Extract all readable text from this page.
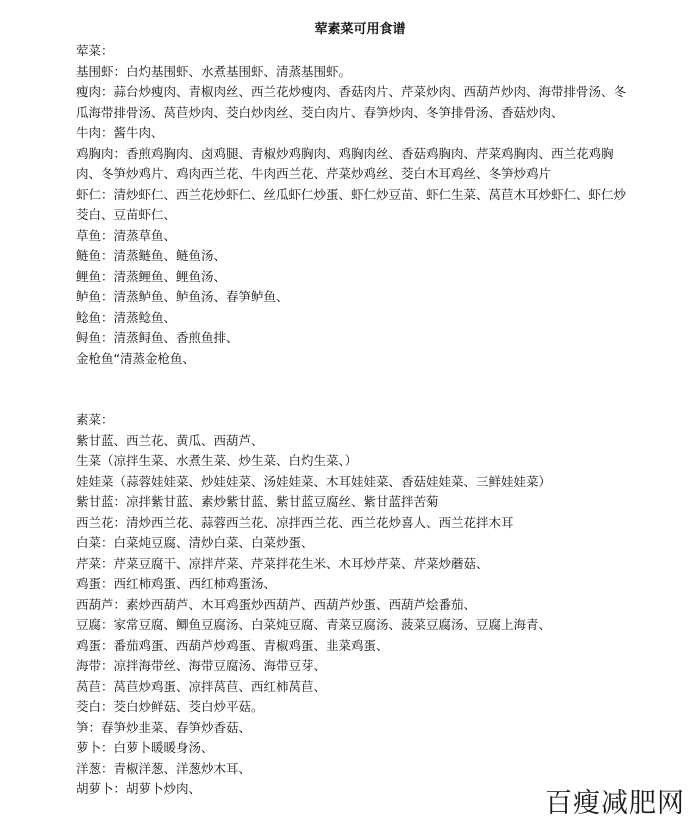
荤素菜可用食谱

荤菜：

基围虾：白灼基围虾、水煮基围虾、清蒸基围虾。

瘦肉：蒜台炒瘦肉、青椒肉丝、西兰花炒瘦肉、香菇肉片、芹菜炒肉、西葫芦炒肉、海带排骨汤、冬瓜海带排骨汤、莴苣炒肉、茭白炒肉丝、茭白肉片、春笋炒肉、冬笋排骨汤、香菇炒肉、

牛肉：酱牛肉、

鸡胸肉：香煎鸡胸肉、卤鸡腿、青椒炒鸡胸肉、鸡胸肉丝、香菇鸡胸肉、芹菜鸡胸肉、西兰花鸡胸肉、冬笋炒鸡片、鸡肉西兰花、牛肉西兰花、芹菜炒鸡丝、茭白木耳鸡丝、冬笋炒鸡片

虾仁：清炒虾仁、西兰花炒虾仁、丝瓜虾仁炒蛋、虾仁炒豆苗、虾仁生菜、莴苣木耳炒虾仁、虾仁炒茭白、豆苗虾仁、

草鱼：清蒸草鱼、

鲢鱼：清蒸鲢鱼、鲢鱼汤、

鲤鱼：清蒸鲤鱼、鲤鱼汤、

鲈鱼：清蒸鲈鱼、鲈鱼汤、春笋鲈鱼、

鲶鱼：清蒸鲶鱼、

鲟鱼：清蒸鲟鱼、香煎鱼排、

金枪鱼“清蒸金枪鱼、

素菜：

紫甘蓝、西兰花、黄瓜、西葫芦、

生菜（凉拌生菜、水煮生菜、炒生菜、白灼生菜、）

娃娃菜（蒜蓉娃娃菜、炒娃娃菜、汤娃娃菜、木耳娃娃菜、香菇娃娃菜、三鲜娃娃菜）

紫甘蓝：凉拌紫甘蓝、素炒紫甘蓝、紫甘蓝豆腐丝、紫甘蓝拌苦菊

西兰花：清炒西兰花、蒜蓉西兰花、凉拌西兰花、西兰花炒喜人、西兰花拌木耳

白菜：白菜炖豆腐、清炒白菜、白菜炒蛋、

芹菜：芹菜豆腐干、凉拌芹菜、芹菜拌花生米、木耳炒芹菜、芹菜炒蘑菇、

鸡蛋：西红柿鸡蛋、西红柿鸡蛋汤、

西葫芦：素炒西葫芦、木耳鸡蛋炒西葫芦、西葫芦炒蛋、西葫芦烩番茄、

豆腐：家常豆腐、鲫鱼豆腐汤、白菜炖豆腐、青菜豆腐汤、菠菜豆腐汤、豆腐上海青、

鸡蛋：番茄鸡蛋、西葫芦炒鸡蛋、青椒鸡蛋、韭菜鸡蛋、

海带：凉拌海带丝、海带豆腐汤、海带豆芽、

莴苣：莴苣炒鸡蛋、凉拌莴苣、西红柿莴苣、

茭白：茭白炒鲜菇、茭白炒平菇。

笋：春笋炒韭菜、春笋炒香菇、

萝卜：白萝卜暖暖身汤、

洋葱：青椒洋葱、洋葱炒木耳、

胡萝卜：胡萝卜炒肉、	百瘦减肥网
